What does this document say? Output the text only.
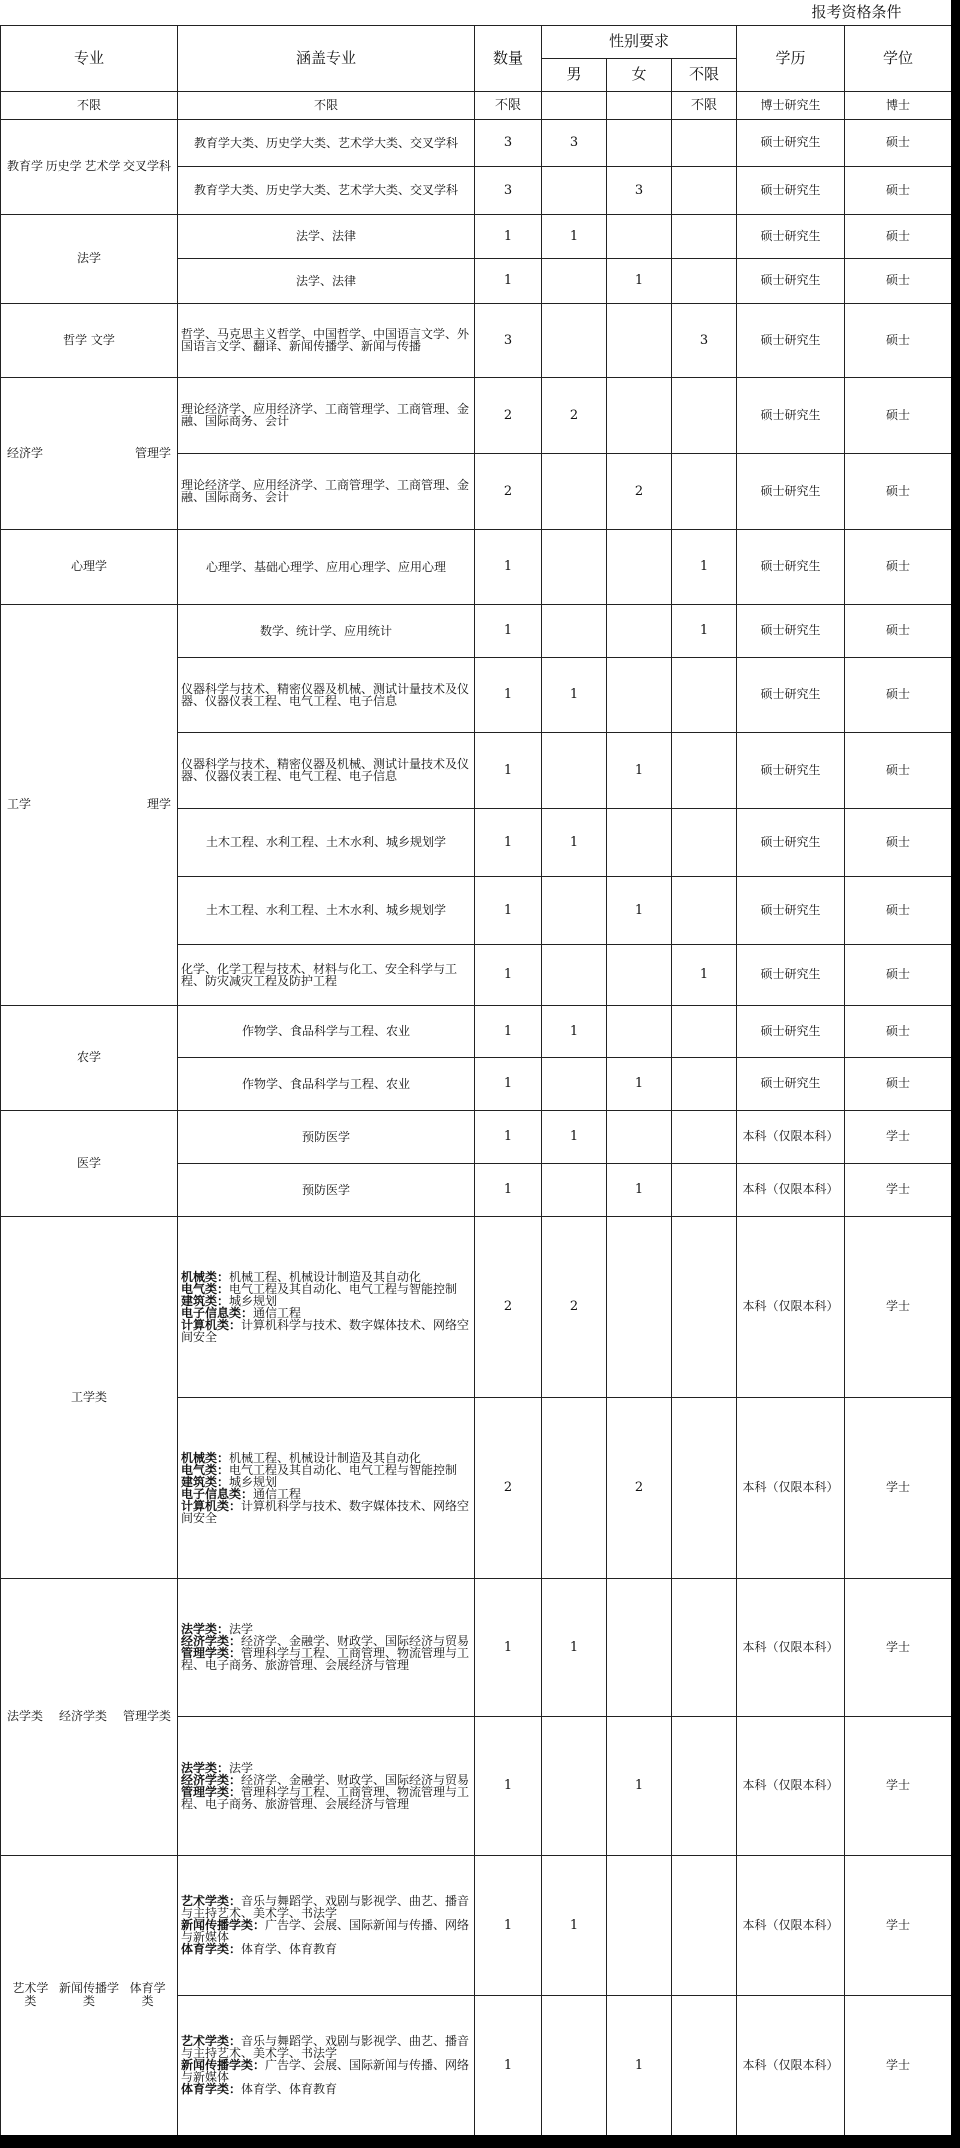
	报考资格条件						
专业	涵盖专业	数量	性别要求			学历	学位
			男	女	不限		
不限	不限	不限			不限	博士研究生	博士

教育学 历史学 艺术学 交叉学科	教育学大类、历史学大类、艺术学大类、交叉学科	3	3			硕士研究生	硕士
	教育学大类、历史学大类、艺术学大类、交叉学科	3		3		硕士研究生	硕士
法学	法学、法律	1	1			硕士研究生	硕士
	法学、法律	1		1		硕士研究生	硕士
哲学 文学	哲学、马克思主义哲学、中国哲学、中国语言文学、外国语言文学、翻译、新闻传播学、新闻与传播	3			3	硕士研究生	硕士

经济学 管理学	理论经济学、应用经济学、工商管理学、工商管理、金融、国际商务、会计	2	2			硕士研究生	硕士
	理论经济学、应用经济学、工商管理学、工商管理、金融、国际商务、会计	2		2		硕士研究生	硕士
心理学	心理学、基础心理学、应用心理学、应用心理	1			1	硕士研究生	硕士

工学 理学	数学、统计学、应用统计	1			1	硕士研究生	硕士
	仪器科学与技术、精密仪器及机械、测试计量技术及仪器、仪器仪表工程、电气工程、电子信息	1	1			硕士研究生	硕士
	仪器科学与技术、精密仪器及机械、测试计量技术及仪器、仪器仪表工程、电气工程、电子信息	1		1		硕士研究生	硕士
	土木工程、水利工程、土木水利、城乡规划学	1	1			硕士研究生	硕士
	土木工程、水利工程、土木水利、城乡规划学	1		1		硕士研究生	硕士
	化学、化学工程与技术、材料与化工、安全科学与工程、防灾减灾工程及防护工程	1			1	硕士研究生	硕士
农学	作物学、食品科学与工程、农业	1	1			硕士研究生	硕士
	作物学、食品科学与工程、农业	1		1		硕士研究生	硕士
医学	预防医学	1	1			本科（仅限本科）	学士
	预防医学	1		1		本科（仅限本科）	学士
工学类	机械类：机械工程、机械设计制造及其自动化
电气类：电气工程及其自动化、电气工程与智能控制
建筑类：城乡规划
电子信息类：通信工程
计算机类：计算机科学与技术、数字媒体技术、网络空间安全	2	2			本科（仅限本科）	学士
	机械类：机械工程、机械设计制造及其自动化
电气类：电气工程及其自动化、电气工程与智能控制
建筑类：城乡规划
电子信息类：通信工程
计算机类：计算机科学与技术、数字媒体技术、网络空间安全	2		2		本科（仅限本科）	学士

法学类 经济学类 管理学类	法学类：法学
经济学类：经济学、金融学、财政学、国际经济与贸易
管理学类：管理科学与工程、工商管理、物流管理与工程、电子商务、旅游管理、会展经济与管理	1	1			本科（仅限本科）	学士
	法学类：法学
经济学类：经济学、金融学、财政学、国际经济与贸易
管理学类：管理科学与工程、工商管理、物流管理与工程、电子商务、旅游管理、会展经济与管理	1		1		本科（仅限本科）	学士

艺术学类
新闻传播学类
体育学类	艺术学类：音乐与舞蹈学、戏剧与影视学、曲艺、播音与主持艺术、美术学、书法学
新闻传播学类：广告学、会展、国际新闻与传播、网络与新媒体
体育学类：体育学、体育教育	1	1			本科（仅限本科）	学士
	艺术学类：音乐与舞蹈学、戏剧与影视学、曲艺、播音与主持艺术、美术学、书法学
新闻传播学类：广告学、会展、国际新闻与传播、网络与新媒体
体育学类：体育学、体育教育	1		1		本科（仅限本科）	学士
